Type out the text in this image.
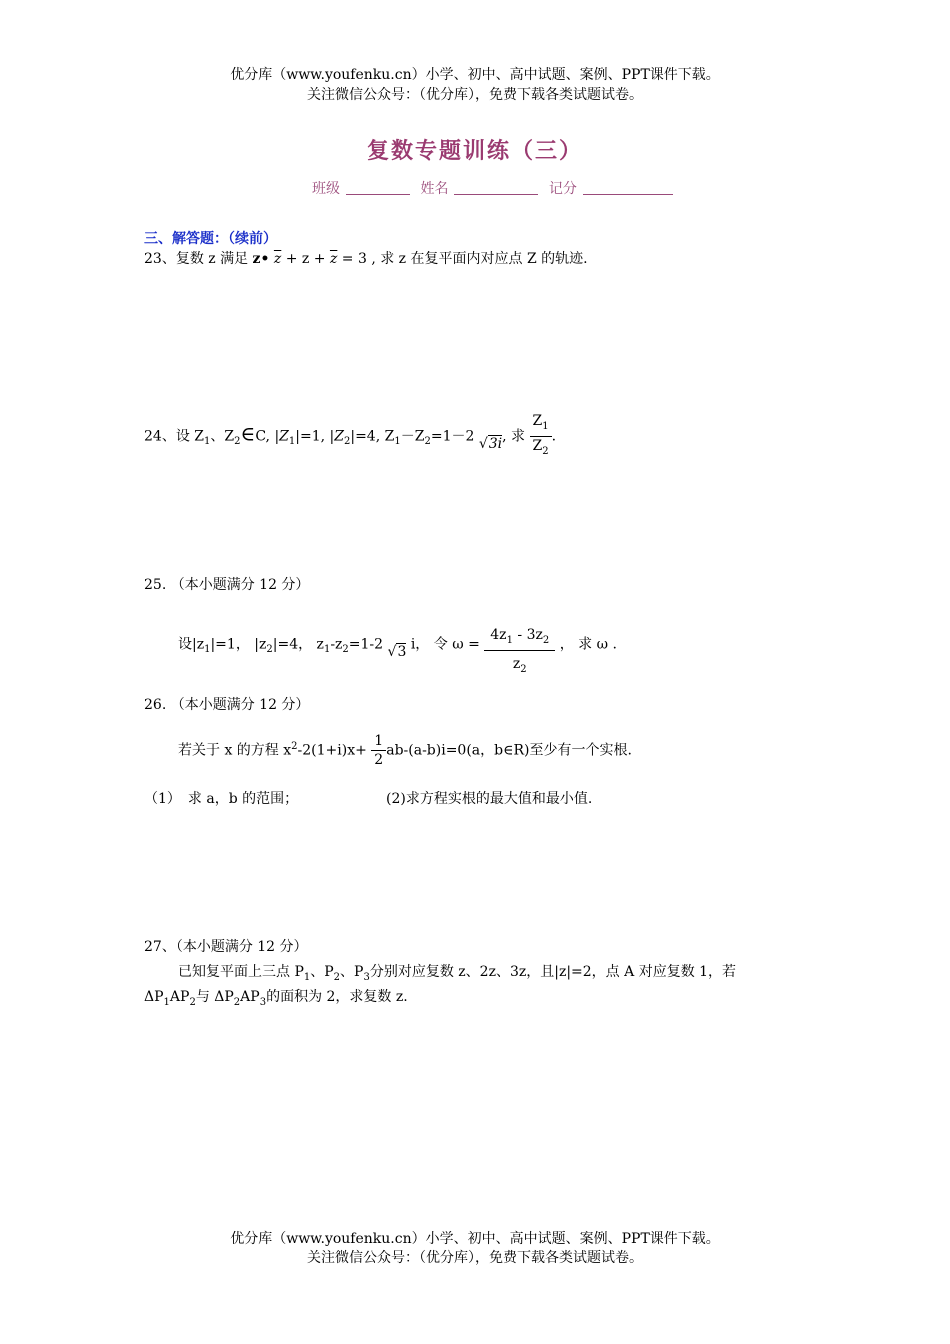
优分库（www.youfenku.cn）小学、初中、高中试题、案例、PPT课件下载。
关注微信公众号：（优分库），免费下载各类试题试卷。
复数专题训练（三）
班级	姓名	记分
三、解答题：（续前）
23、复数 z 满足 z• $\overline{z} + z + \overline{z} = 3$ , 求 z 在复平面内对应点 Z 的轨迹.
24、设 $Z_1$、$Z_2\in C$, $|Z_1|=1$, $|Z_2|=4$, $Z_1-Z_2=1-2$ √3i, 求 $\frac{Z_1}{Z_2}$ .
25. （本小题满分 12 分）
设$|z_1|=1$， $|z_2|=4$， $z_1-z_2=1-2$ √3 i， 令 $\omega = \frac{4z_1 - 3z_2}{z_2}$ ， 求 ω .
26. （本小题满分 12 分）
若关于 x 的方程 $x^2-2(1+i)x+ \frac{1}{2} ab-(a-b)i=0(a$，b∈R)至少有一个实根.
（1）　求 a，b 的范围；	(2)求方程实根的最大值和最小值.
27、（本小题满分 12 分）
已知复平面上三点 $P_1$、$P_2$、$P_3$分别对应复数 z、2z、3z，且|z|=2，点 A 对应复数 1，若
$\Delta P_1AP_2$与 $\Delta P_2AP_3$的面积为 2，求复数 z.
优分库（www.youfenku.cn）小学、初中、高中试题、案例、PPT课件下载。
关注微信公众号：（优分库），免费下载各类试题试卷。
